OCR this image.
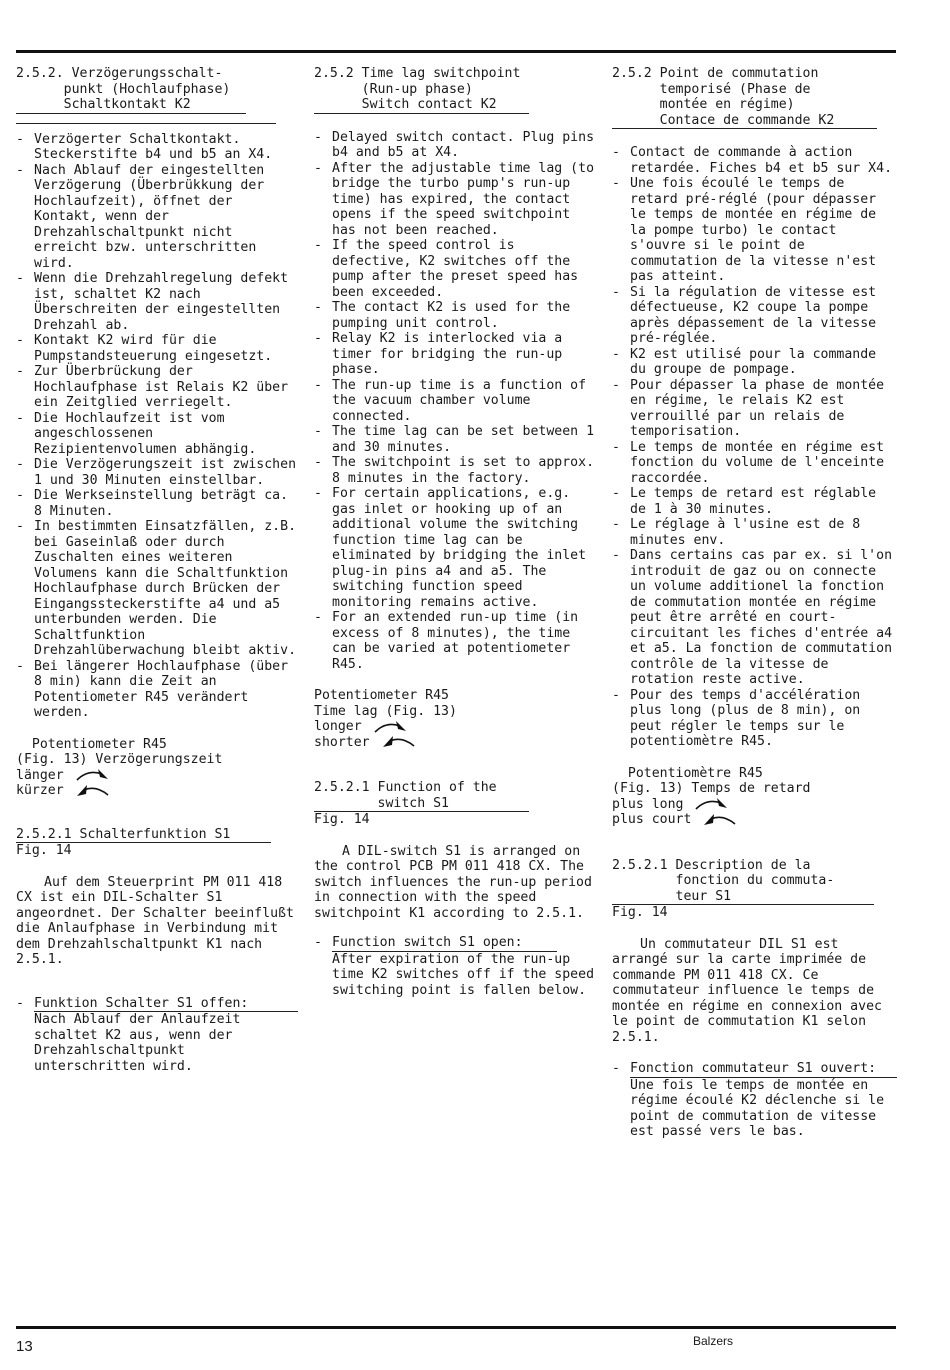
2.5.2. Verzögerungsschalt-
punkt (Hochlaufphase)
Schaltkontakt K2
- Verzögerter Schaltkontakt. Steckerstifte b4 und b5 an X4.
- Nach Ablauf der eingestellten Verzögerung (Überbrükkung der Hochlaufzeit), öffnet der Kontakt, wenn der Drehzahlschaltpunkt nicht erreicht bzw. unterschritten wird.
- Wenn die Drehzahlregelung defekt ist, schaltet K2 nach Überschreiten der eingestellten Drehzahl ab.
- Kontakt K2 wird für die Pumpstandsteuerung eingesetzt.
- Zur Überbrückung der Hochlaufphase ist Relais K2 über ein Zeitglied verriegelt.
- Die Hochlaufzeit ist vom angeschlossenen Rezipientenvolumen abhängig.
- Die Verzögerungszeit ist zwischen 1 und 30 Minuten einstellbar.
- Die Werkseinstellung beträgt ca. 8 Minuten.
- In bestimmten Einsatzfällen, z.B. bei Gaseinlaß oder durch Zuschalten eines weiteren Volumens kann die Schaltfunktion Hochlaufphase durch Brücken der Eingangssteckerstifte a4 und a5 unterbunden werden. Die Schaltfunktion Drehzahlüberwachung bleibt aktiv.
- Bei längerer Hochlaufphase (über 8 min) kann die Zeit an Potentiometer R45 verändert werden.
Potentiometer R45
(Fig. 13) Verzögerungszeit
länger
kürzer
2.5.2.1 Schalterfunktion S1
Fig. 14
Auf dem Steuerprint PM 011 418 CX ist ein DIL-Schalter S1 angeordnet. Der Schalter beeinflußt die Anlaufphase in Verbindung mit dem Drehzahlschaltpunkt K1 nach 2.5.1.
- Funktion Schalter S1 offen:
Nach Ablauf der Anlaufzeit schaltet K2 aus, wenn der Drehzahlschaltpunkt unterschritten wird.
2.5.2 Time lag switchpoint
(Run-up phase)
Switch contact K2
- Delayed switch contact. Plug pins b4 and b5 at X4.
- After the adjustable time lag (to bridge the turbo pump's run-up time) has expired, the contact opens if the speed switchpoint has not been reached.
- If the speed control is defective, K2 switches off the pump after the preset speed has been exceeded.
- The contact K2 is used for the pumping unit control.
- Relay K2 is interlocked via a timer for bridging the run-up phase.
- The run-up time is a function of the vacuum chamber volume connected.
- The time lag can be set between 1 and 30 minutes.
- The switchpoint is set to approx. 8 minutes in the factory.
- For certain applications, e.g. gas inlet or hooking up of an additional volume the switching function time lag can be eliminated by bridging the inlet plug-in pins a4 and a5. The switching function speed monitoring remains active.
- For an extended run-up time (in excess of 8 minutes), the time can be varied at potentiometer R45.
Potentiometer R45
Time lag (Fig. 13)
longer
shorter
2.5.2.1 Function of the
switch S1
Fig. 14
A DIL-switch S1 is arranged on the control PCB PM 011 418 CX. The switch influences the run-up period in connection with the speed switchpoint K1 according to 2.5.1.
- Function switch S1 open:
After expiration of the run-up time K2 switches off if the speed switching point is fallen below.
2.5.2 Point de commutation
temporisé (Phase de
montée en régime)
Contace de commande K2
- Contact de commande à action retardée. Fiches b4 et b5 sur X4.
- Une fois écoulé le temps de retard pré-réglé (pour dépasser le temps de montée en régime de la pompe turbo) le contact s'ouvre si le point de commutation de la vitesse n'est pas atteint.
- Si la régulation de vitesse est défectueuse, K2 coupe la pompe après dépassement de la vitesse pré-réglée.
- K2 est utilisé pour la commande du groupe de pompage.
- Pour dépasser la phase de montée en régime, le relais K2 est verrouillé par un relais de temporisation.
- Le temps de montée en régime est fonction du volume de l'enceinte raccordée.
- Le temps de retard est réglable de 1 à 30 minutes.
- Le réglage à l'usine est de 8 minutes env.
- Dans certains cas par ex. si l'on introduit de gaz ou on connecte un volume additionel la fonction de commutation montée en régime peut être arrêté en court-circuitant les fiches d'entrée a4 et a5. La fonction de commutation contrôle de la vitesse de rotation reste active.
- Pour des temps d'accélération plus long (plus de 8 min), on peut régler le temps sur le potentiomètre R45.
Potentiomètre R45
(Fig. 13) Temps de retard
plus long
plus court
2.5.2.1 Description de la
fonction du commuta-
teur S1
Fig. 14
Un commutateur DIL S1 est arrangé sur la carte imprimée de commande PM 011 418 CX. Ce commutateur influence le temps de montée en régime en connexion avec le point de commutation K1 selon 2.5.1.
- Fonction commutateur S1 ouvert:
Une fois le temps de montée en régime écoulé K2 déclenche si le point de commutation de vitesse est passé vers le bas.
13	Balzers
